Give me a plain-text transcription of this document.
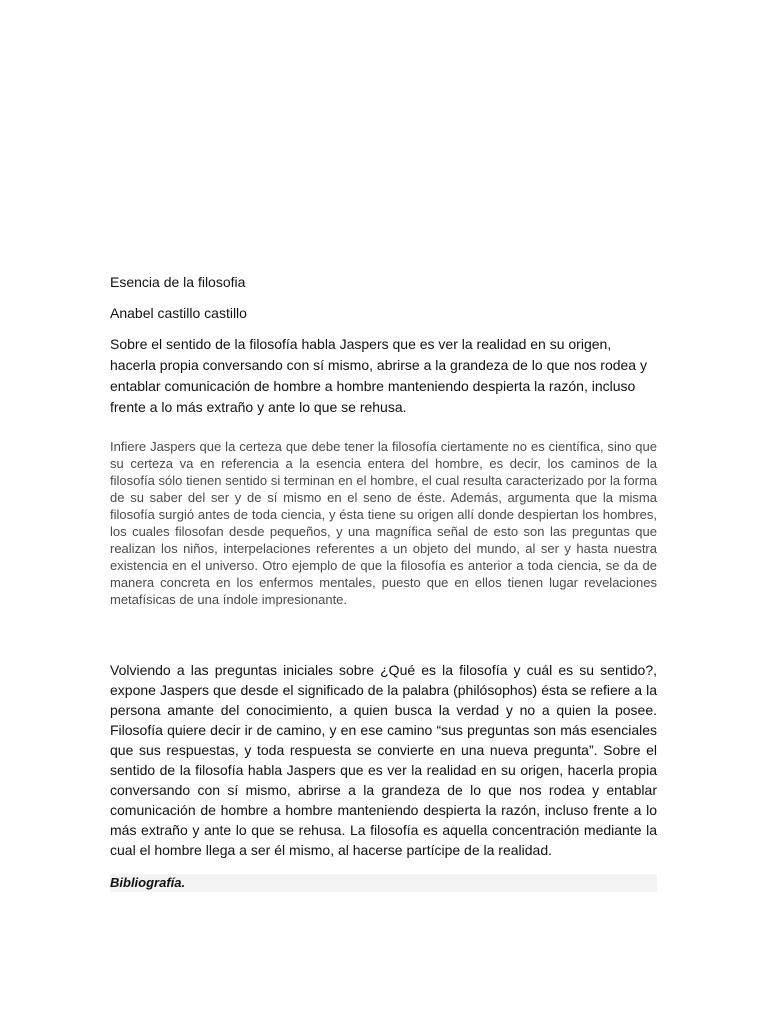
Esencia de la filosofia

Anabel castillo castillo

Sobre el sentido de la filosofía habla Jaspers que es ver la realidad en su origen, hacerla propia conversando con sí mismo, abrirse a la grandeza de lo que nos rodea y entablar comunicación de hombre a hombre manteniendo despierta la razón, incluso frente a lo más extraño y ante lo que se rehusa.

Infiere Jaspers que la certeza que debe tener la filosofía ciertamente no es científica, sino que su certeza va en referencia a la esencia entera del hombre, es decir, los caminos de la filosofía sólo tienen sentido si terminan en el hombre, el cual resulta caracterizado por la forma de su saber del ser y de sí mismo en el seno de éste. Además, argumenta que la misma filosofía surgió antes de toda ciencia, y ésta tiene su origen allí donde despiertan los hombres, los cuales filosofan desde pequeños, y una magnífica señal de esto son las preguntas que realizan los niños, interpelaciones referentes a un objeto del mundo, al ser y hasta nuestra existencia en el universo. Otro ejemplo de que la filosofía es anterior a toda ciencia, se da de manera concreta en los enfermos mentales, puesto que en ellos tienen lugar revelaciones metafísicas de una índole impresionante.

Volviendo a las preguntas iniciales sobre ¿Qué es la filosofía y cuál es su sentido?, expone Jaspers que desde el significado de la palabra (philósophos) ésta se refiere a la persona amante del conocimiento, a quien busca la verdad y no a quien la posee. Filosofía quiere decir ir de camino, y en ese camino “sus preguntas son más esenciales que sus respuestas, y toda respuesta se convierte en una nueva pregunta”. Sobre el sentido de la filosofía habla Jaspers que es ver la realidad en su origen, hacerla propia conversando con sí mismo, abrirse a la grandeza de lo que nos rodea y entablar comunicación de hombre a hombre manteniendo despierta la razón, incluso frente a lo más extraño y ante lo que se rehusa. La filosofía es aquella concentración mediante la cual el hombre llega a ser él mismo, al hacerse partícipe de la realidad.

Bibliografía.
